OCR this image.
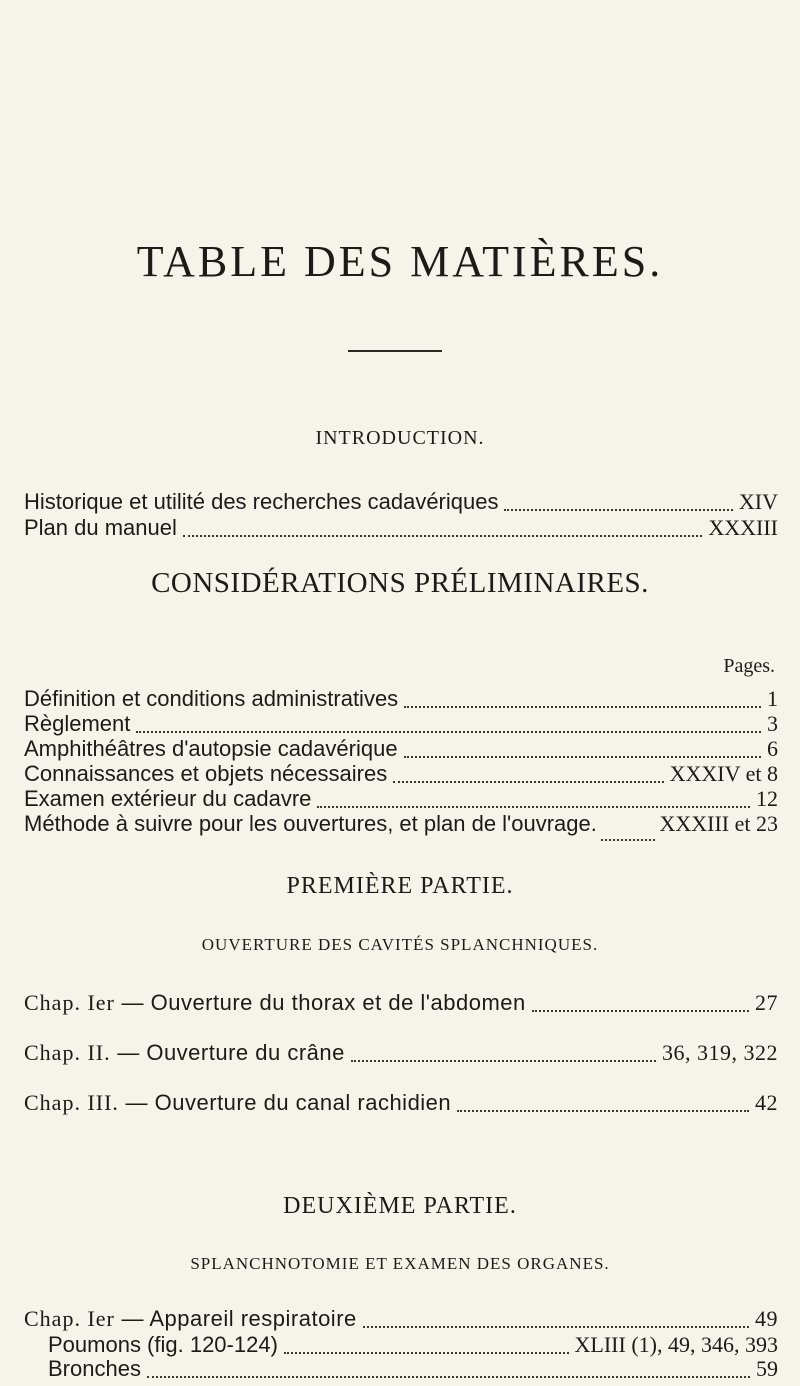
TABLE DES MATIÈRES.
INTRODUCTION.
Historique et utilité des recherches cadavériques	XIV
Plan du manuel	XXXIII
CONSIDÉRATIONS PRÉLIMINAIRES.
Pages.
Définition et conditions administratives	1
Règlement	3
Amphithéâtres d'autopsie cadavérique	6
Connaissances et objets nécessaires	XXXIV et 8
Examen extérieur du cadavre	12
Méthode à suivre pour les ouvertures, et plan de l'ouvrage.	XXXIII et 23
PREMIÈRE PARTIE.
OUVERTURE DES CAVITÉS SPLANCHNIQUES.
Chap. Ier — Ouverture du thorax et de l'abdomen	27
Chap. II. — Ouverture du crâne	36, 319, 322
Chap. III. — Ouverture du canal rachidien	42
DEUXIÈME PARTIE.
SPLANCHNOTOMIE ET EXAMEN DES ORGANES.
Chap. Ier — Appareil respiratoire	49
Poumons (fig. 120-124)	XLIII (1), 49, 346, 393
Bronches	59
